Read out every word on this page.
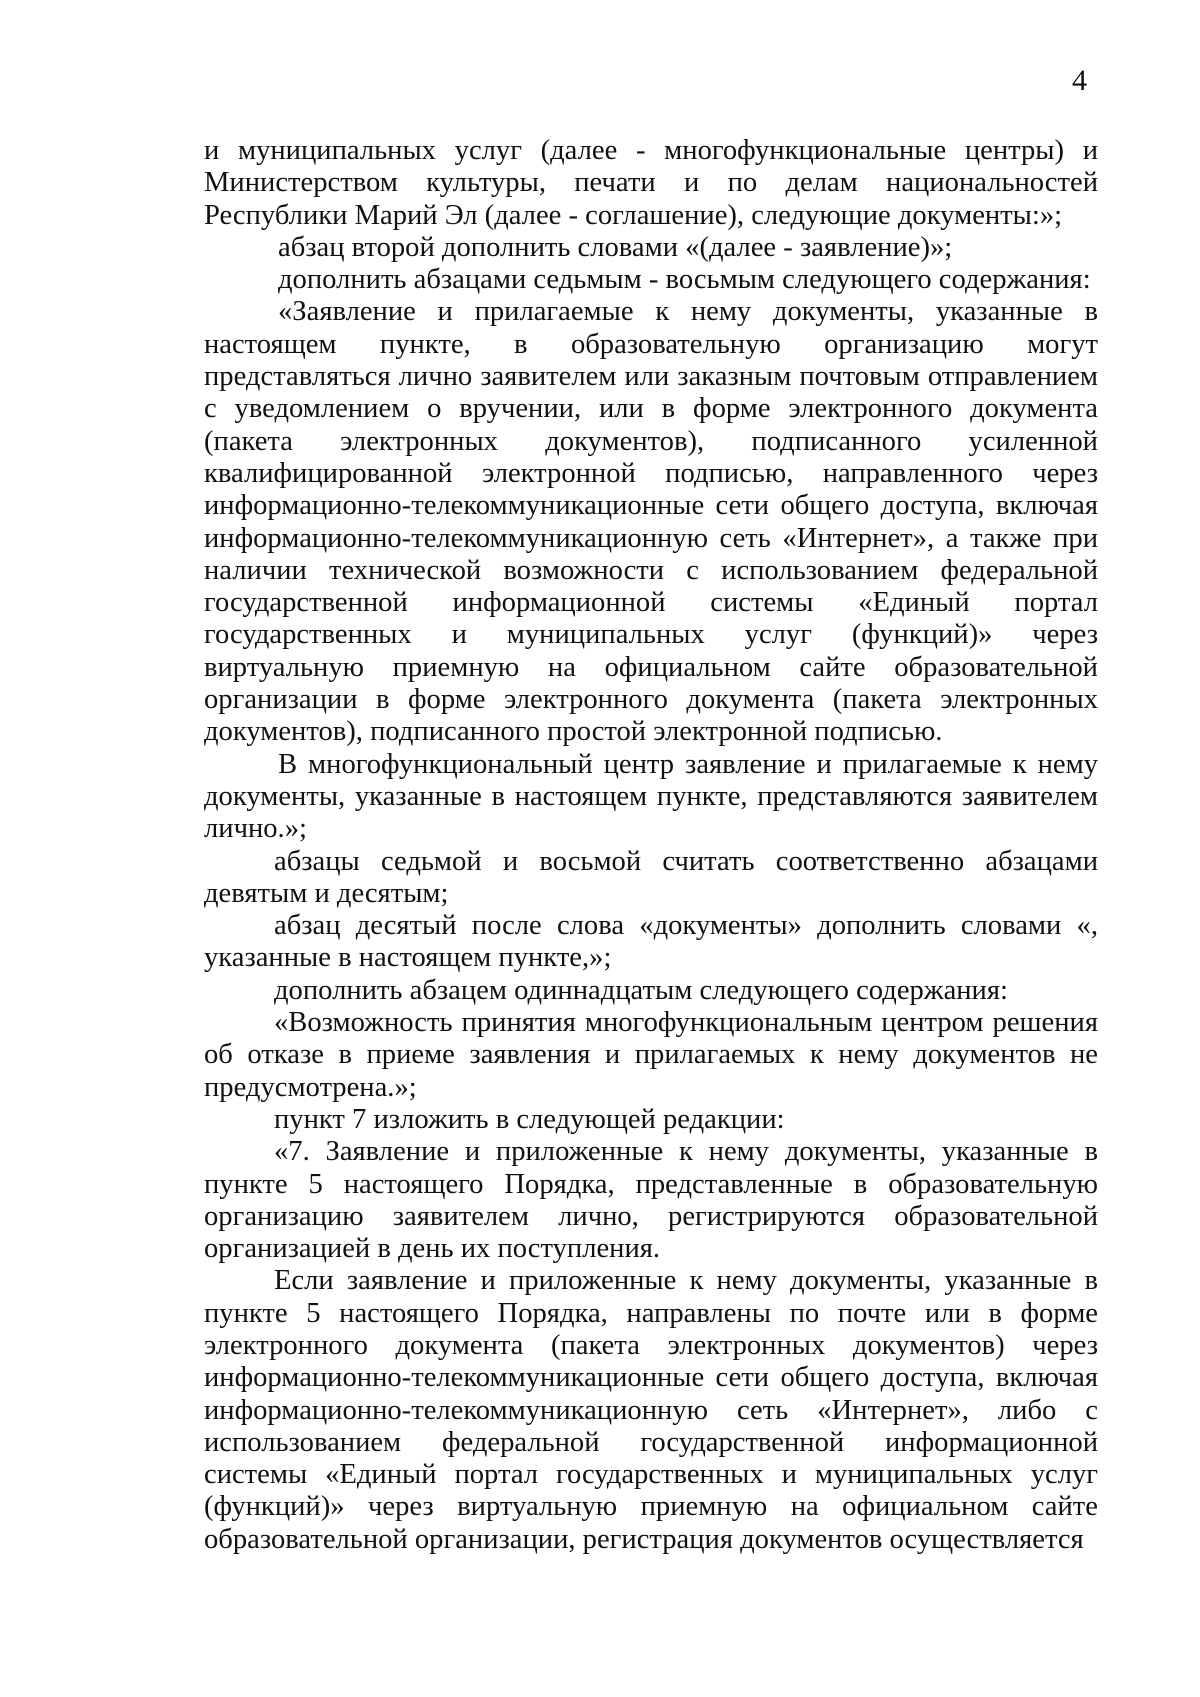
4

и муниципальных услуг (далее - многофункциональные центры) и Министерством культуры, печати и по делам национальностей Республики Марий Эл (далее - соглашение), следующие документы:»;

абзац второй дополнить словами «(далее - заявление)»;

дополнить абзацами седьмым - восьмым следующего содержания:

«Заявление и прилагаемые к нему документы, указанные в настоящем пункте, в образовательную организацию могут представляться лично заявителем или заказным почтовым отправлением с уведомлением о вручении, или в форме электронного документа (пакета электронных документов), подписанного усиленной квалифицированной электронной подписью, направленного через информационно-телекоммуникационные сети общего доступа, включая информационно-телекоммуникационную сеть «Интернет», а также при наличии технической возможности с использованием федеральной государственной информационной системы «Единый портал государственных и муниципальных услуг (функций)» через виртуальную приемную на официальном сайте образовательной организации в форме электронного документа (пакета электронных документов), подписанного простой электронной подписью.

В многофункциональный центр заявление и прилагаемые к нему документы, указанные в настоящем пункте, представляются заявителем лично.»;

абзацы седьмой и восьмой считать соответственно абзацами девятым и десятым;

абзац десятый после слова «документы» дополнить словами «, указанные в настоящем пункте,»;

дополнить абзацем одиннадцатым следующего содержания:

«Возможность принятия многофункциональным центром решения об отказе в приеме заявления и прилагаемых к нему документов не предусмотрена.»;

пункт 7 изложить в следующей редакции:

«7. Заявление и приложенные к нему документы, указанные в пункте 5 настоящего Порядка, представленные в образовательную организацию заявителем лично, регистрируются образовательной организацией в день их поступления.

Если заявление и приложенные к нему документы, указанные в пункте 5 настоящего Порядка, направлены по почте или в форме электронного документа (пакета электронных документов) через информационно-телекоммуникационные сети общего доступа, включая информационно-телекоммуникационную сеть «Интернет», либо с использованием федеральной государственной информационной системы «Единый портал государственных и муниципальных услуг (функций)» через виртуальную приемную на официальном сайте образовательной организации, регистрация документов осуществляется
